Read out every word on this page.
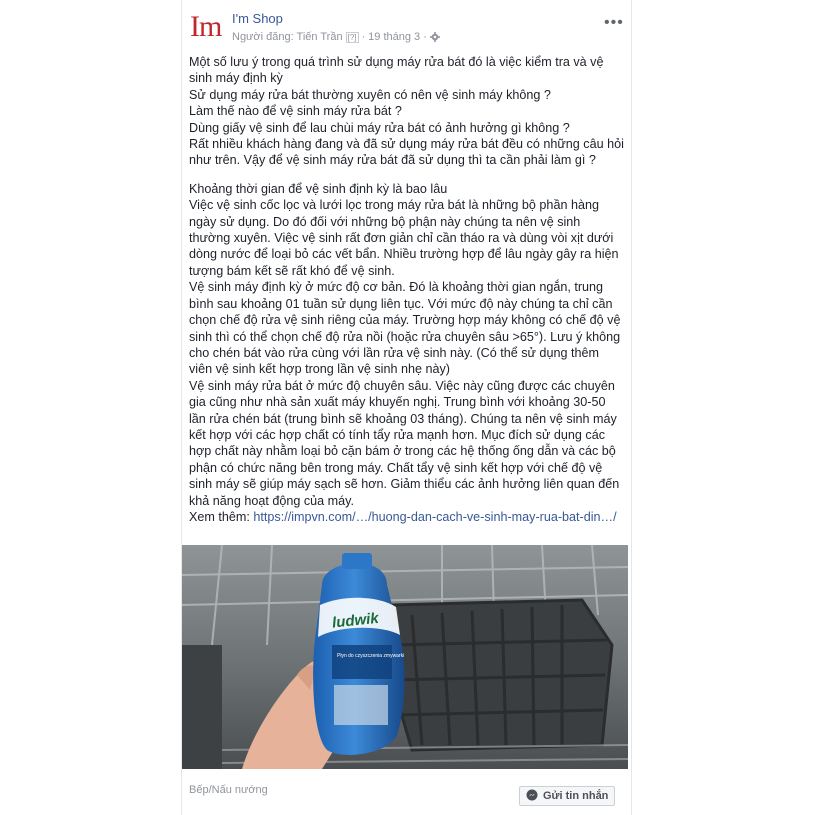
Im I'm Shop
Người đăng: Tiến Trần [?] · 19 tháng 3 ·
•••

Một số lưu ý trong quá trình sử dụng máy rửa bát đó là việc kiểm tra và vệ sinh máy định kỳ

Sử dụng máy rửa bát thường xuyên có nên vệ sinh máy không ?

Làm thế nào để vệ sinh máy rửa bát ?

Dùng giấy vệ sinh để lau chùi máy rửa bát có ảnh hưởng gì không ?

Rất nhiều khách hàng đang và đã sử dụng máy rửa bát đều có những câu hỏi như trên. Vậy để vệ sinh máy rửa bát đã sử dụng thì ta cần phải làm gì ?

Khoảng thời gian để vệ sinh định kỳ là bao lâu

Việc vệ sinh cốc lọc và lưới lọc trong máy rửa bát là những bộ phần hàng ngày sử dụng. Do đó đối với những bộ phận này chúng ta nên vệ sinh thường xuyên. Việc vệ sinh rất đơn giản chỉ cần tháo ra và dùng vòi xịt dưới dòng nước để loại bỏ các vết bẩn. Nhiều trường hợp để lâu ngày gây ra hiện tượng bám kết sẽ rất khó để vệ sinh.

Vệ sinh máy định kỳ ở mức độ cơ bản. Đó là khoảng thời gian ngắn, trung bình sau khoảng 01 tuần sử dụng liên tục. Với mức độ này chúng ta chỉ cần chọn chế độ rửa vệ sinh riêng của máy. Trường hợp máy không có chế độ vệ sinh thì có thể chọn chế độ rửa nồi (hoặc rửa chuyên sâu >65°). Lưu ý không cho chén bát vào rửa cùng với lần rửa vệ sinh này. (Có thể sử dụng thêm viên vệ sinh kết hợp trong lần vệ sinh nhẹ này)

Vệ sinh máy rửa bát ở mức độ chuyên sâu. Việc này cũng được các chuyên gia cũng như nhà sản xuất máy khuyến nghị. Trung bình với khoảng 30-50 lần rửa chén bát (trung bình sẽ khoảng 03 tháng). Chúng ta nên vệ sinh máy kết hợp với các hợp chất có tính tẩy rửa mạnh hơn. Mục đích sử dụng các hợp chất này nhằm loại bỏ cặn bám ở trong các hệ thống ống dẫn và các bộ phận có chức năng bên trong máy. Chất tẩy vệ sinh kết hợp với chế độ vệ sinh máy sẽ giúp máy sạch sẽ hơn. Giảm thiểu các ảnh hưởng liên quan đến khả năng hoạt động của máy.

Xem thêm: https://impvn.com/…/huong-dan-cach-ve-sinh-may-rua-bat-din…/

ludwik
Płyn do czyszczenia zmywarki
Bếp/Nấu nướng	Gửi tin nhắn
